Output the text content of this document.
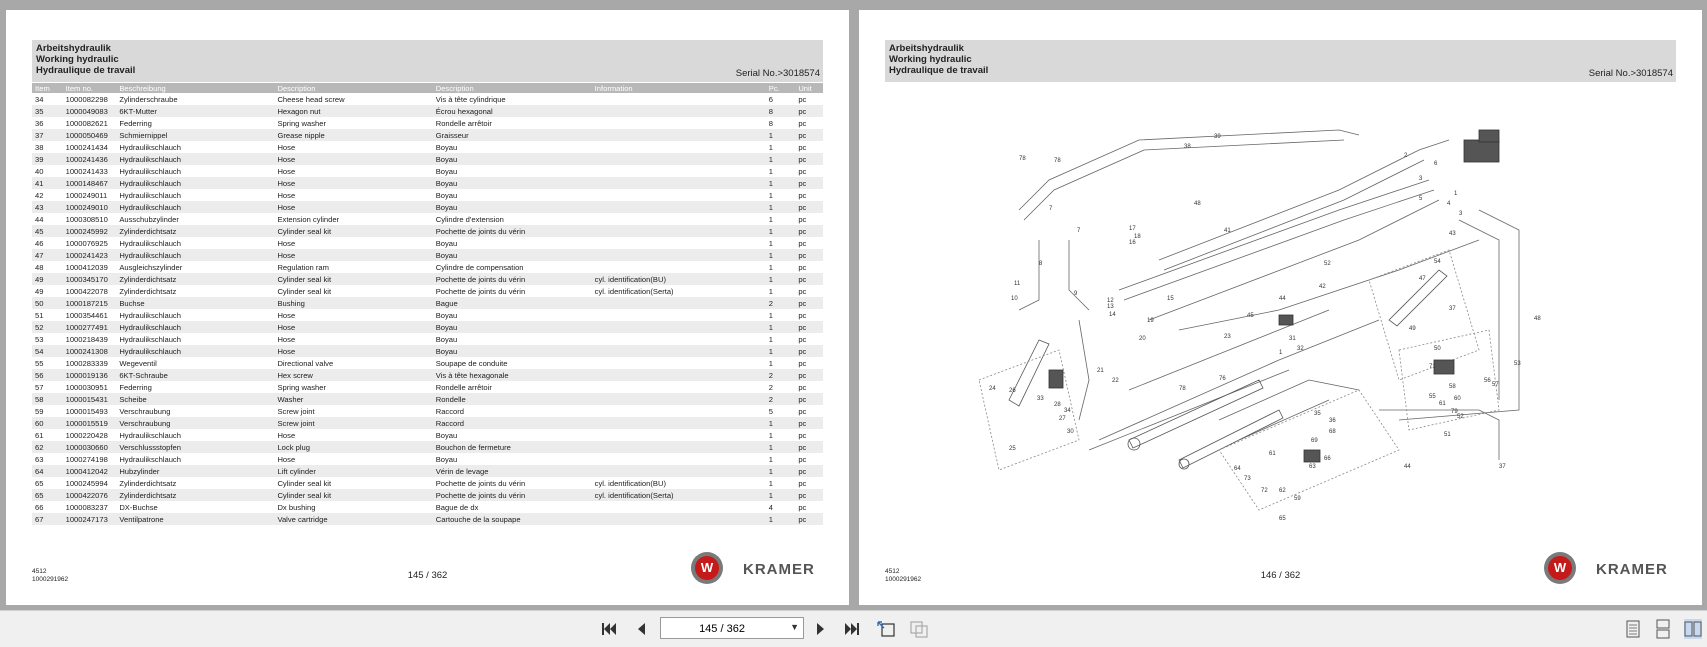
Arbeitshydraulik
Working hydraulic
Hydraulique de travail	Serial No.>3018574
Item	Item no.	Beschreibung	Description	Description	Information	Pc.	Unit
34	1000082298	Zylinderschraube	Cheese head screw	Vis à tête cylindrique		6	pc
35	1000049083	6KT-Mutter	Hexagon nut	Écrou hexagonal		8	pc
36	1000082621	Federring	Spring washer	Rondelle arrêtoir		8	pc
37	1000050469	Schmiernippel	Grease nipple	Graisseur		1	pc
38	1000241434	Hydraulikschlauch	Hose	Boyau		1	pc
39	1000241436	Hydraulikschlauch	Hose	Boyau		1	pc
40	1000241433	Hydraulikschlauch	Hose	Boyau		1	pc
41	1000148467	Hydraulikschlauch	Hose	Boyau		1	pc
42	1000249011	Hydraulikschlauch	Hose	Boyau		1	pc
43	1000249010	Hydraulikschlauch	Hose	Boyau		1	pc
44	1000308510	Ausschubzylinder	Extension cylinder	Cylindre d'extension		1	pc
45	1000245992	Zylinderdichtsatz	Cylinder seal kit	Pochette de joints du vérin		1	pc
46	1000076925	Hydraulikschlauch	Hose	Boyau		1	pc
47	1000241423	Hydraulikschlauch	Hose	Boyau		1	pc
48	1000412039	Ausgleichszylinder	Regulation ram	Cylindre de compensation		1	pc
49	1000345170	Zylinderdichtsatz	Cylinder seal kit	Pochette de joints du vérin	cyl. identification(BU)	1	pc
49	1000422078	Zylinderdichtsatz	Cylinder seal kit	Pochette de joints du vérin	cyl. identification(Serta)	1	pc
50	1000187215	Buchse	Bushing	Bague		2	pc
51	1000354461	Hydraulikschlauch	Hose	Boyau		1	pc
52	1000277491	Hydraulikschlauch	Hose	Boyau		1	pc
53	1000218439	Hydraulikschlauch	Hose	Boyau		1	pc
54	1000241308	Hydraulikschlauch	Hose	Boyau		1	pc
55	1000283339	Wegeventil	Directional valve	Soupape de conduite		1	pc
56	1000019136	6KT-Schraube	Hex screw	Vis à tête hexagonale		2	pc
57	1000030951	Federring	Spring washer	Rondelle arrêtoir		2	pc
58	1000015431	Scheibe	Washer	Rondelle		2	pc
59	1000015493	Verschraubung	Screw joint	Raccord		5	pc
60	1000015519	Verschraubung	Screw joint	Raccord		1	pc
61	1000220428	Hydraulikschlauch	Hose	Boyau		1	pc
62	1000030660	Verschlussstopfen	Lock plug	Bouchon de fermeture		1	pc
63	1000274198	Hydraulikschlauch	Hose	Boyau		1	pc
64	1000412042	Hubzylinder	Lift cylinder	Vérin de levage		1	pc
65	1000245994	Zylinderdichtsatz	Cylinder seal kit	Pochette de joints du vérin	cyl. identification(BU)	1	pc
65	1000422076	Zylinderdichtsatz	Cylinder seal kit	Pochette de joints du vérin	cyl. identification(Serta)	1	pc
66	1000083237	DX-Buchse	Dx bushing	Bague de dx		4	pc
67	1000247173	Ventilpatrone	Valve cartridge	Cartouche de la soupape		1	pc
4512
1000291962	145 / 362
W	KRAMER
Arbeitshydraulik
Working hydraulic
Hydraulique de travail	Serial No.>3018574
78	78
39
38
7
2
3
6
5
1
4
3
48
47
17
18
16
41	43
7
54
8
11
10
9
15
12
13
14
19
52
42
44
45
37
20	23
21
22
48
49
53
50
71
24 26
33
28
34
78
31
1
32
76
25
27
30
35
36
66
68
69
61
63
65
64
62
59
56
57
58
55	60
61
79
52
51
37
44
73
72
4512
1000291962	146 / 362
W	KRAMER
145 / 362
▼
